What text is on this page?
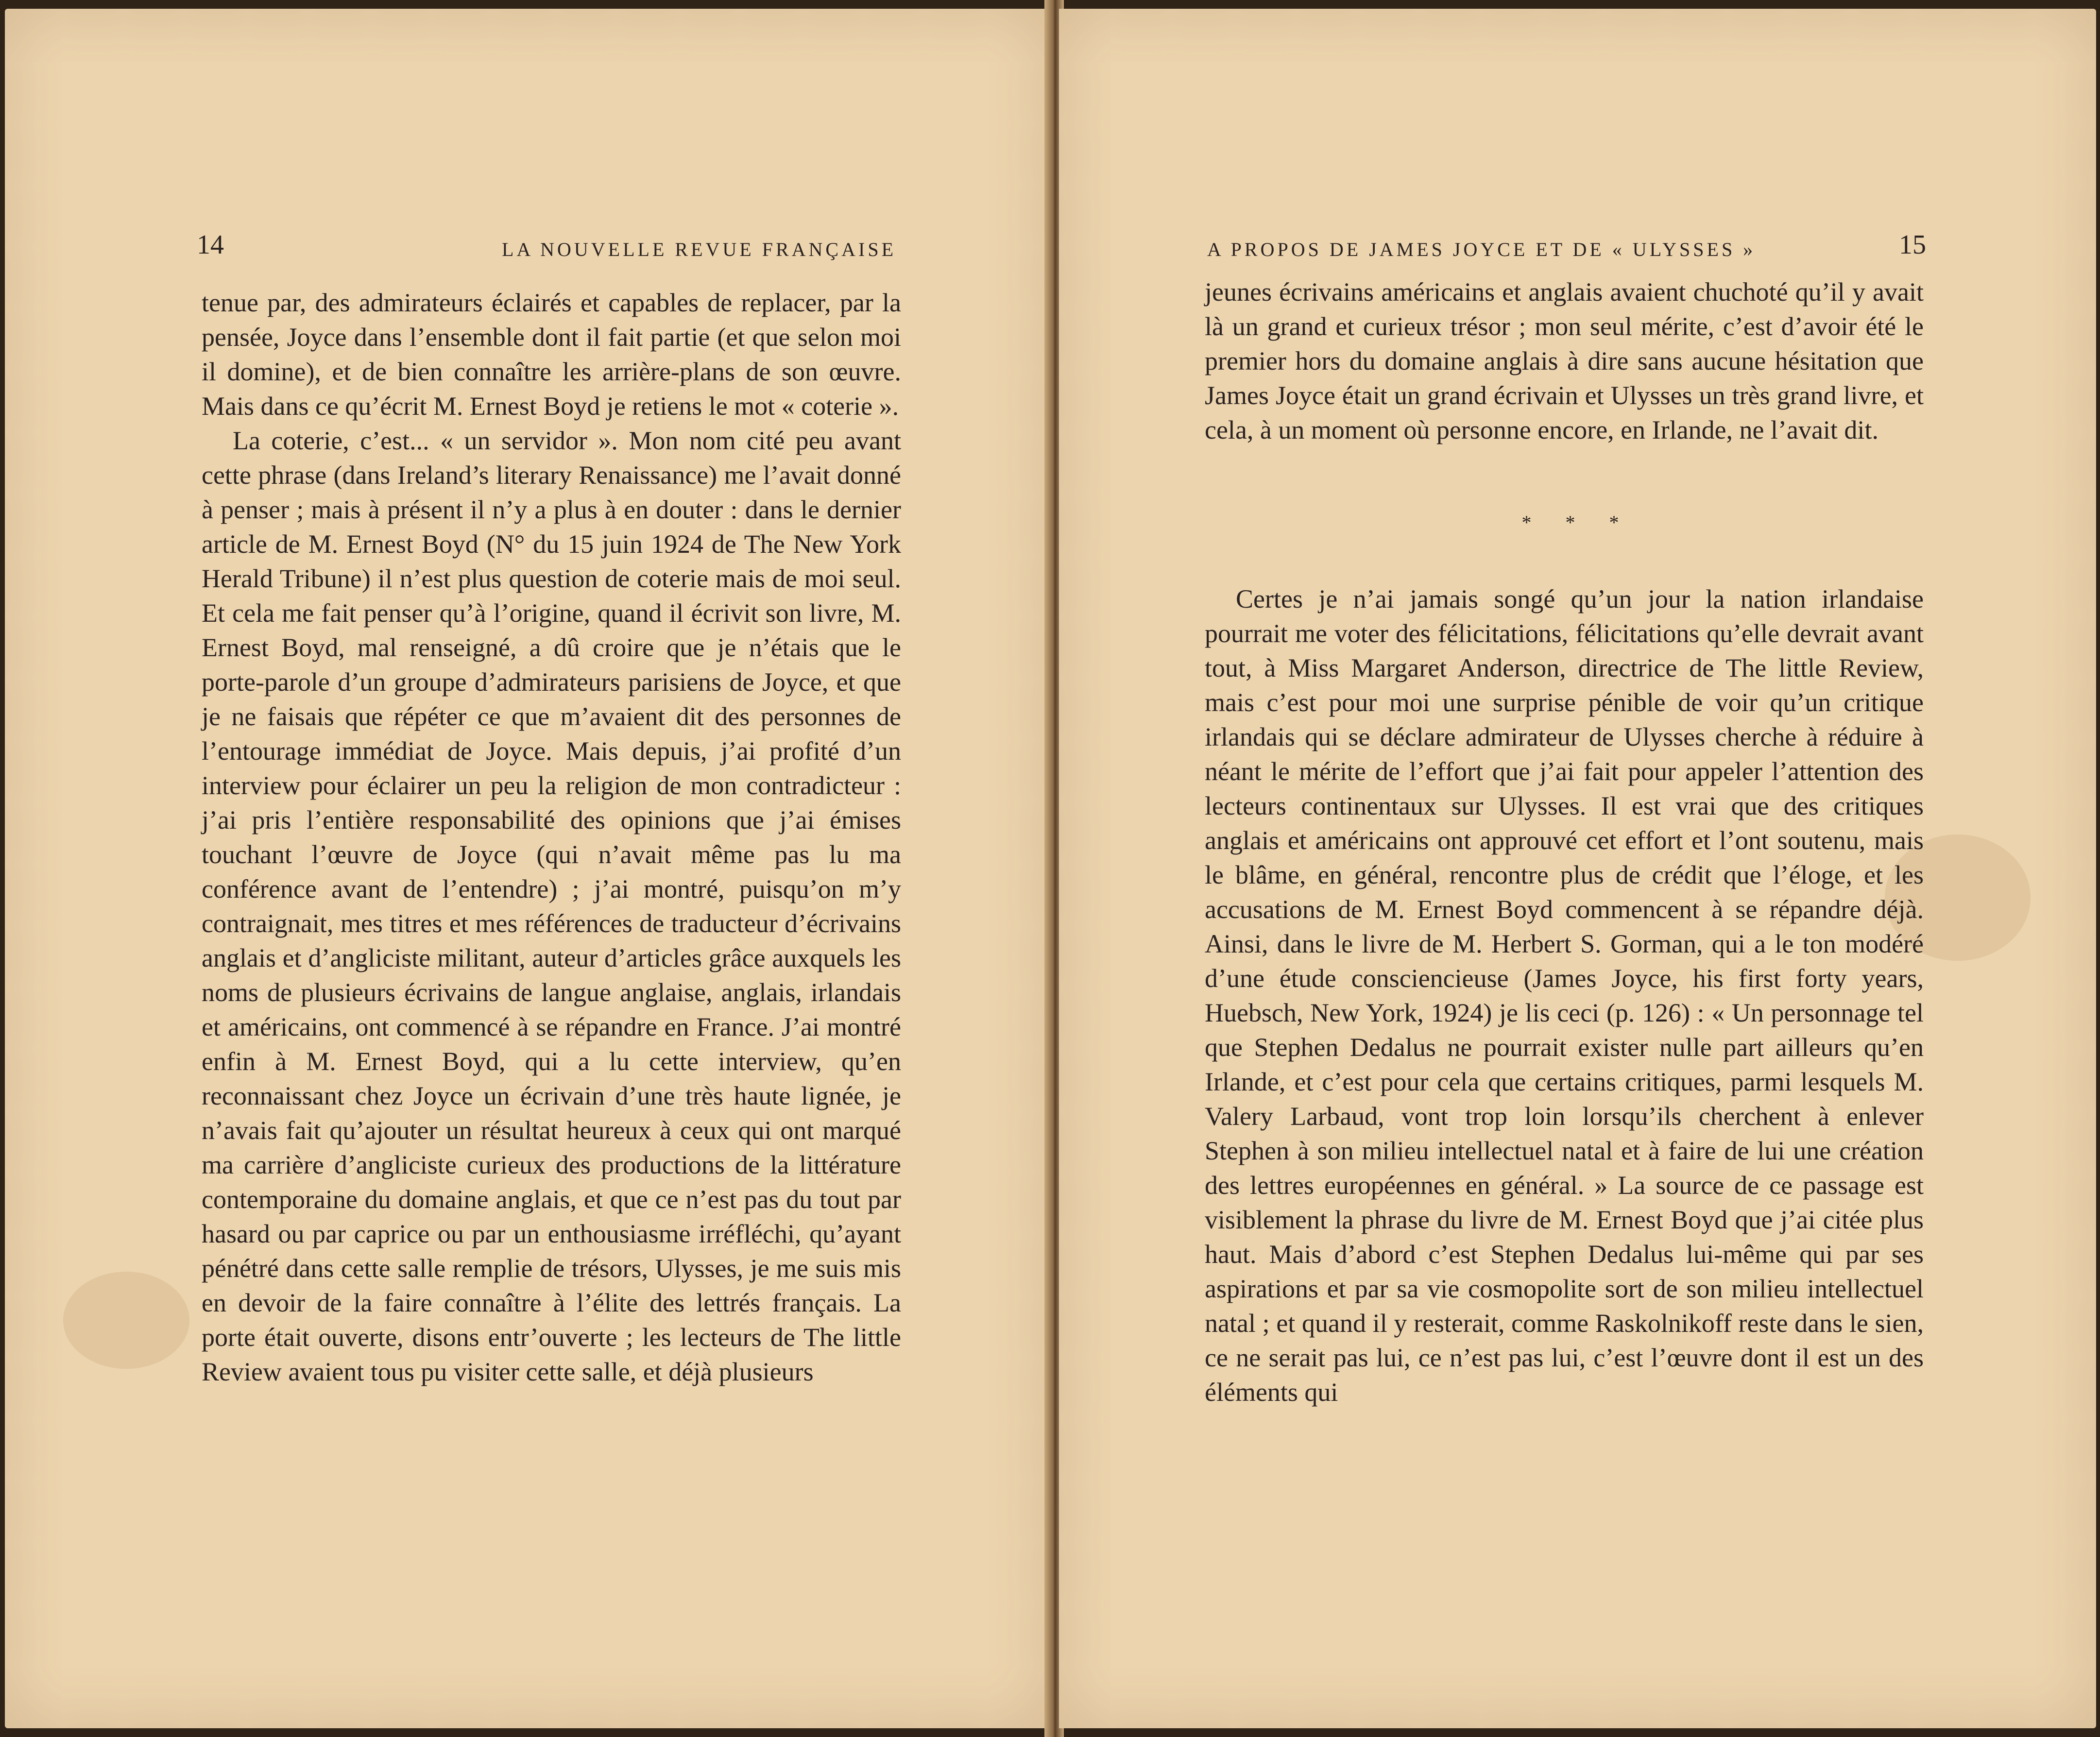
14	LA NOUVELLE REVUE FRANÇAISE

tenue par, des admirateurs éclairés et capables de replacer, par la pensée, Joyce dans l’ensemble dont il fait partie (et que selon moi il domine), et de bien connaître les arrière-plans de son œuvre. Mais dans ce qu’écrit M. Ernest Boyd je retiens le mot « coterie ».

La coterie, c’est... « un servidor ». Mon nom cité peu avant cette phrase (dans Ireland’s literary Renaissance) me l’avait donné à penser ; mais à présent il n’y a plus à en douter : dans le dernier article de M. Ernest Boyd (N° du 15 juin 1924 de The New York Herald Tribune) il n’est plus question de coterie mais de moi seul. Et cela me fait penser qu’à l’origine, quand il écrivit son livre, M. Ernest Boyd, mal renseigné, a dû croire que je n’étais que le porte-parole d’un groupe d’admirateurs parisiens de Joyce, et que je ne faisais que répéter ce que m’avaient dit des personnes de l’entourage immédiat de Joyce. Mais depuis, j’ai profité d’un interview pour éclairer un peu la religion de mon contradicteur : j’ai pris l’entière responsabilité des opinions que j’ai émises touchant l’œuvre de Joyce (qui n’avait même pas lu ma conférence avant de l’entendre) ; j’ai montré, puisqu’on m’y contraignait, mes titres et mes références de traducteur d’écrivains anglais et d’angliciste militant, auteur d’articles grâce auxquels les noms de plusieurs écrivains de langue anglaise, anglais, irlandais et américains, ont commencé à se répandre en France. J’ai montré enfin à M. Ernest Boyd, qui a lu cette interview, qu’en reconnaissant chez Joyce un écrivain d’une très haute lignée, je n’avais fait qu’ajouter un résultat heureux à ceux qui ont marqué ma carrière d’angliciste curieux des productions de la littérature contemporaine du domaine anglais, et que ce n’est pas du tout par hasard ou par caprice ou par un enthousiasme irréfléchi, qu’ayant pénétré dans cette salle remplie de trésors, Ulysses, je me suis mis en devoir de la faire connaître à l’élite des lettrés français. La porte était ouverte, disons entr’ouverte ; les lecteurs de The little Review avaient tous pu visiter cette salle, et déjà plusieurs

A PROPOS DE JAMES JOYCE ET DE « ULYSSES »	15

jeunes écrivains américains et anglais avaient chuchoté qu’il y avait là un grand et curieux trésor ; mon seul mérite, c’est d’avoir été le premier hors du domaine anglais à dire sans aucune hésitation que James Joyce était un grand écrivain et Ulysses un très grand livre, et cela, à un moment où personne encore, en Irlande, ne l’avait dit.

* * *

Certes je n’ai jamais songé qu’un jour la nation irlandaise pourrait me voter des félicitations, félicitations qu’elle devrait avant tout, à Miss Margaret Anderson, directrice de The little Review, mais c’est pour moi une surprise pénible de voir qu’un critique irlandais qui se déclare admirateur de Ulysses cherche à réduire à néant le mérite de l’effort que j’ai fait pour appeler l’attention des lecteurs continentaux sur Ulysses. Il est vrai que des critiques anglais et américains ont approuvé cet effort et l’ont soutenu, mais le blâme, en général, rencontre plus de crédit que l’éloge, et les accusations de M. Ernest Boyd commencent à se répandre déjà. Ainsi, dans le livre de M. Herbert S. Gorman, qui a le ton modéré d’une étude consciencieuse (James Joyce, his first forty years, Huebsch, New York, 1924) je lis ceci (p. 126) : « Un personnage tel que Stephen Dedalus ne pourrait exister nulle part ailleurs qu’en Irlande, et c’est pour cela que certains critiques, parmi lesquels M. Valery Larbaud, vont trop loin lorsqu’ils cherchent à enlever Stephen à son milieu intellectuel natal et à faire de lui une création des lettres européennes en général. » La source de ce passage est visiblement la phrase du livre de M. Ernest Boyd que j’ai citée plus haut. Mais d’abord c’est Stephen Dedalus lui-même qui par ses aspirations et par sa vie cosmopolite sort de son milieu intellectuel natal ; et quand il y resterait, comme Raskolnikoff reste dans le sien, ce ne serait pas lui, ce n’est pas lui, c’est l’œuvre dont il est un des éléments qui
